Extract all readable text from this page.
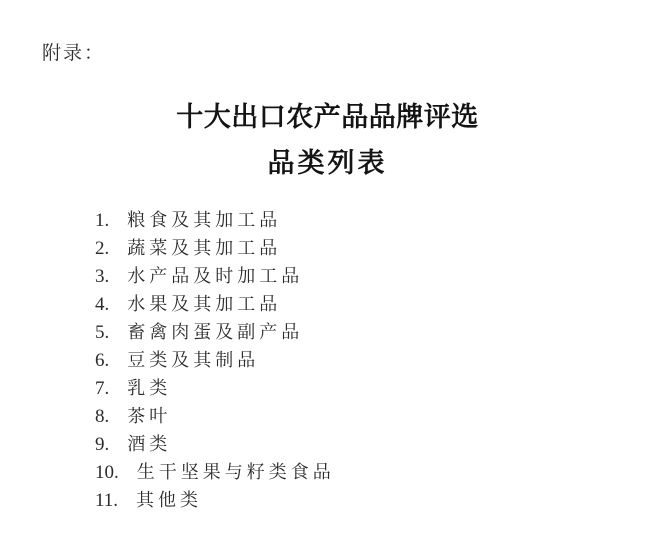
附录：
十大出口农产品品牌评选
品类列表
1. 粮食及其加工品
2. 蔬菜及其加工品
3. 水产品及时加工品
4. 水果及其加工品
5. 畜禽肉蛋及副产品
6. 豆类及其制品
7. 乳类
8. 茶叶
9. 酒类
10. 生干坚果与籽类食品
11. 其他类
